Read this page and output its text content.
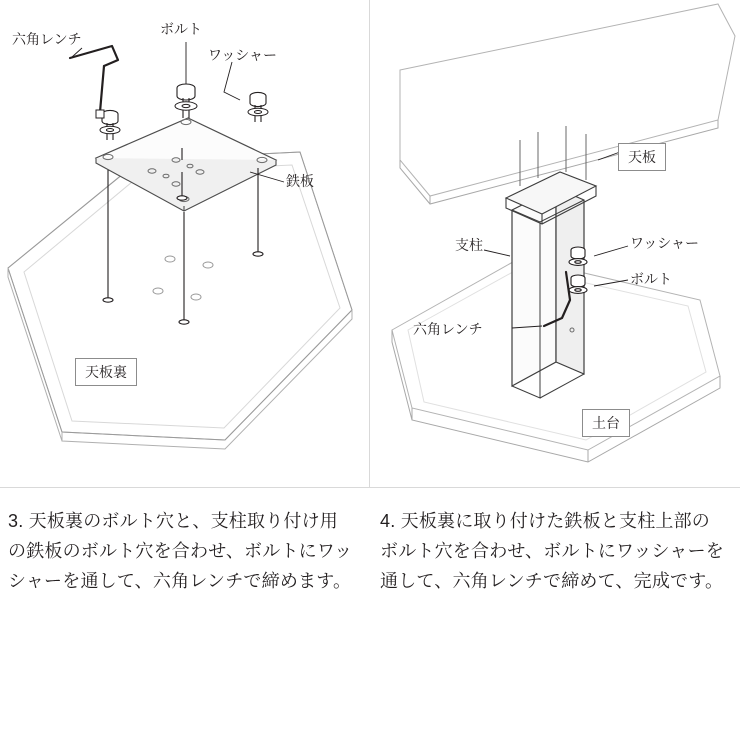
六角レンチ
ボルト
ワッシャー
鉄板
天板裏
天板
支柱	ワッシャー
ボルト
六角レンチ
土台
3. 天板裏のボルト穴と、支柱取り付け用の鉄板のボルト穴を合わせ、ボルトにワッシャーを通して、六角レンチで締めます。
4. 天板裏に取り付けた鉄板と支柱上部のボルト穴を合わせ、ボルトにワッシャーを通して、六角レンチで締めて、完成です。
